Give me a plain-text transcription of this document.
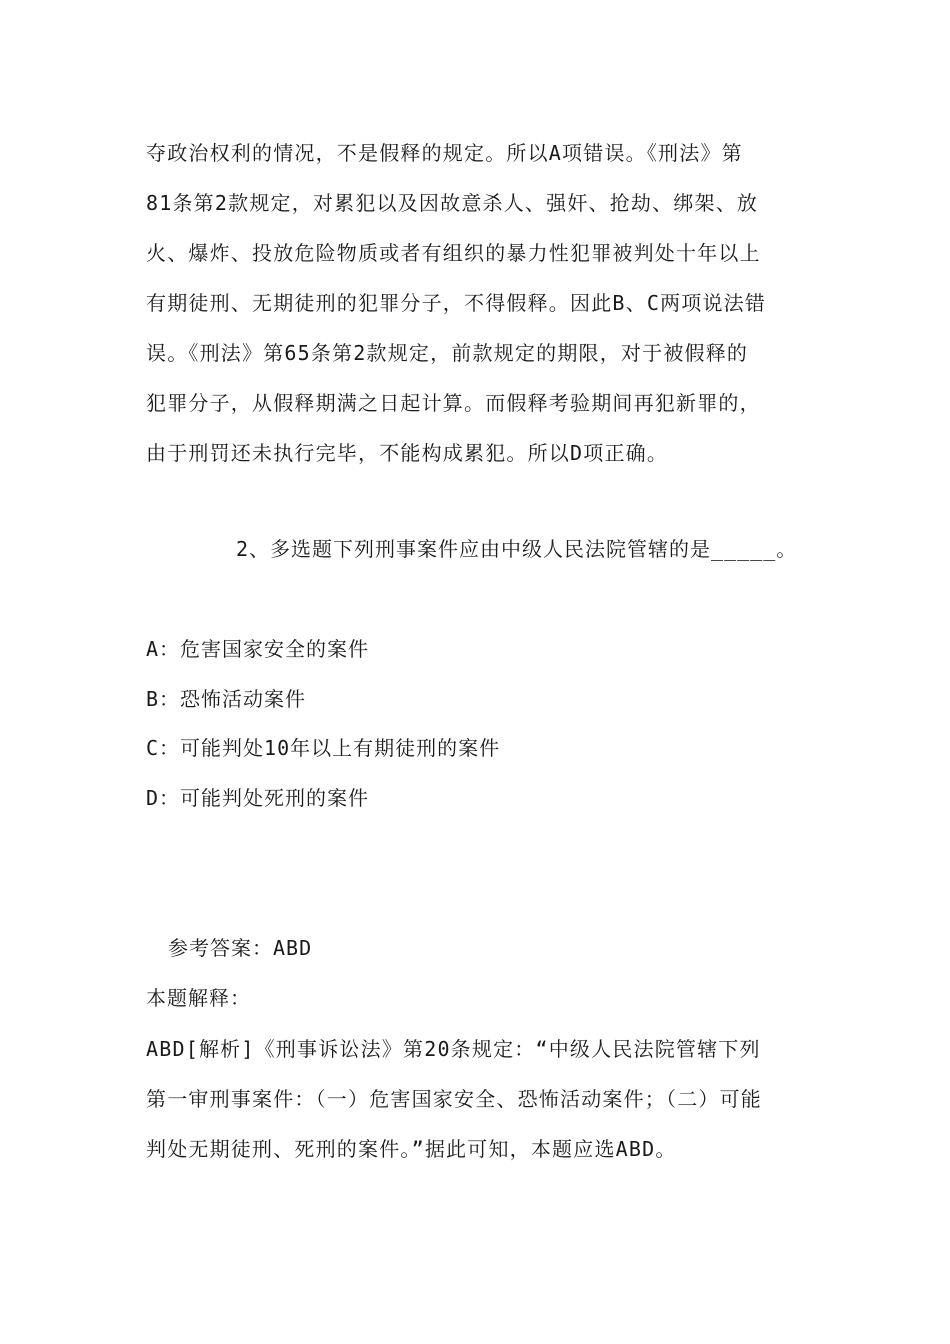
夺政治权利的情况，不是假释的规定。所以A项错误。《刑法》第
81条第2款规定，对累犯以及因故意杀人、强奸、抢劫、绑架、放
火、爆炸、投放危险物质或者有组织的暴力性犯罪被判处十年以上
有期徒刑、无期徒刑的犯罪分子，不得假释。因此B、C两项说法错
误。《刑法》第65条第2款规定，前款规定的期限，对于被假释的
犯罪分子，从假释期满之日起计算。而假释考验期间再犯新罪的，
由于刑罚还未执行完毕，不能构成累犯。所以D项正确。

2、多选题下列刑事案件应由中级人民法院管辖的是_____。

A：危害国家安全的案件
B：恐怖活动案件
C：可能判处10年以上有期徒刑的案件
D：可能判处死刑的案件

参考答案：ABD

本题解释：

ABD[解析]《刑事诉讼法》第20条规定：“中级人民法院管辖下列
第一审刑事案件：（一）危害国家安全、恐怖活动案件；（二）可能
判处无期徒刑、死刑的案件。”据此可知，本题应选ABD。
